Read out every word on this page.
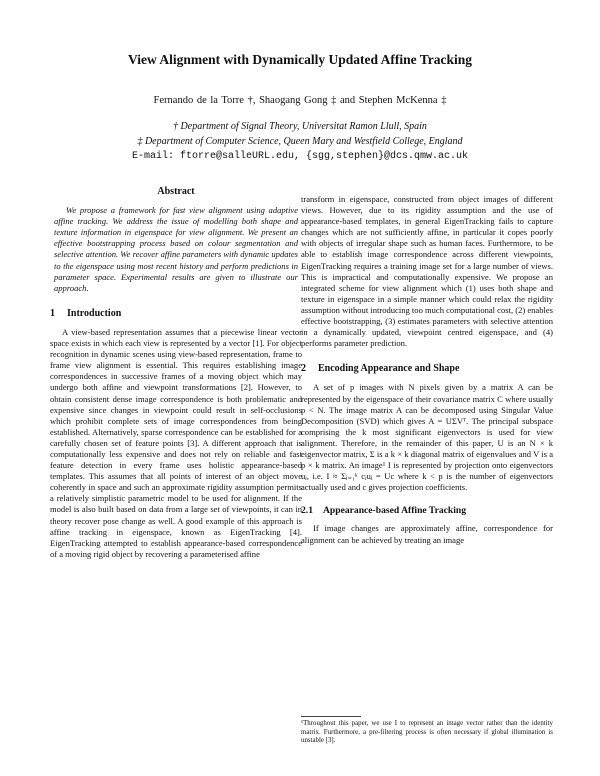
View Alignment with Dynamically Updated Affine Tracking
Fernando de la Torre †, Shaogang Gong ‡ and Stephen McKenna ‡
† Department of Signal Theory, Universitat Ramon Llull, Spain
‡ Department of Computer Science, Queen Mary and Westfield College, England
E-mail: ftorre@salleURL.edu, {sgg,stephen}@dcs.qmw.ac.uk
Abstract

We propose a framework for fast view alignment using adaptive affine tracking. We address the issue of modelling both shape and texture information in eigenspace for view alignment. We present an effective bootstrapping process based on colour segmentation and selective attention. We recover affine parameters with dynamic updates to the eigenspace using most recent history and perform predictions in parameter space. Experimental results are given to illustrate our approach.

1 Introduction

A view-based representation assumes that a piecewise linear vector space exists in which each view is represented by a vector [1]. For object recognition in dynamic scenes using view-based representation, frame to frame view alignment is essential. This requires establishing image correspondences in successive frames of a moving object which may undergo both affine and viewpoint transformations [2]. However, to obtain consistent dense image correspondence is both problematic and expensive since changes in viewpoint could result in self-occlusions which prohibit complete sets of image correspondences from being established. Alternatively, sparse correspondence can be established for a carefully chosen set of feature points [3]. A different approach that is computationally less expensive and does not rely on reliable and fast feature detection in every frame uses holistic appearance-based templates. This assumes that all points of interest of an object move coherently in space and such an approximate rigidity assumption permits a relatively simplistic parametric model to be used for alignment. If the model is also built based on data from a large set of viewpoints, it can in theory recover pose change as well. A good example of this approach is affine tracking in eigenspace, known as EigenTracking [4]. EigenTracking attempted to establish appearance-based correspondence of a moving rigid object by recovering a parameterised affine

transform in eigenspace, constructed from object images of different views. However, due to its rigidity assumption and the use of appearance-based templates, in general EigenTracking fails to capture changes which are not sufficiently affine, in particular it copes poorly with objects of irregular shape such as human faces. Furthermore, to be able to establish image correspondence across different viewpoints, EigenTracking requires a training image set for a large number of views. This is impractical and computationally expensive. We propose an integrated scheme for view alignment which (1) uses both shape and texture in eigenspace in a simple manner which could relax the rigidity assumption without introducing too much computational cost, (2) enables effective bootstrapping, (3) estimates parameters with selective attention in a dynamically updated, viewpoint centred eigenspace, and (4) performs parameter prediction.

2 Encoding Appearance and Shape

A set of p images with N pixels given by a matrix A can be represented by the eigenspace of their covariance matrix C where usually p < N. The image matrix A can be decomposed using Singular Value Decomposition (SVD) which gives A = UΣVᵀ. The principal subspace comprising the k most significant eigenvectors is used for view alignment. Therefore, in the remainder of this paper, U is an N × k eigenvector matrix, Σ is a k × k diagonal matrix of eigenvalues and V is a p × k matrix. An image¹ I is represented by projection onto eigenvectors uⱼ, i.e. I ≈ Σⱼ₌₁ᵏ cⱼuⱼ = Uc where k < p is the number of eigenvectors actually used and c gives projection coefficients.

2.1 Appearance-based Affine Tracking

If image changes are approximately affine, correspondence for alignment can be achieved by treating an image

¹Throughout this paper, we use I to represent an image vector rather than the identity matrix. Furthermore, a pre-filtering process is often necessary if global illumination is unstable [3].
